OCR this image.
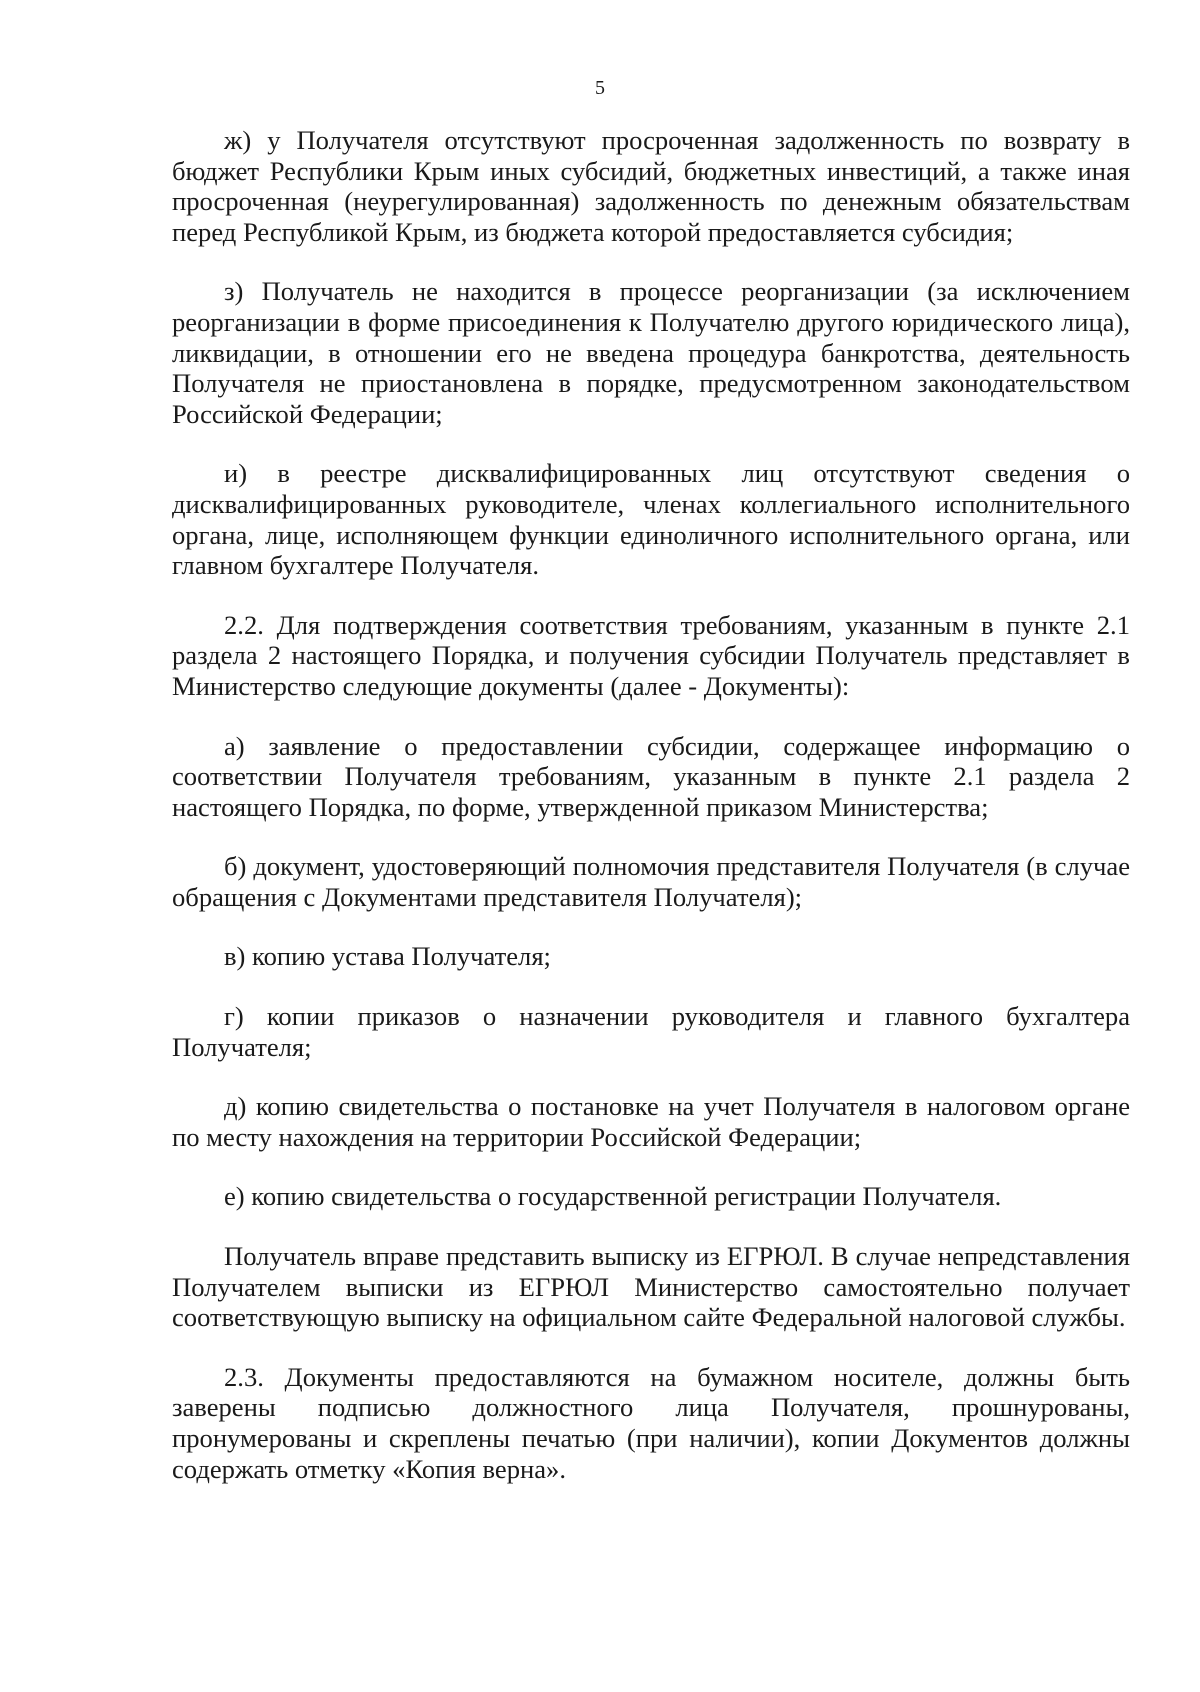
5

ж) у Получателя отсутствуют просроченная задолженность по возврату в бюджет Республики Крым иных субсидий, бюджетных инвестиций, а также иная просроченная (неурегулированная) задолженность по денежным обязательствам перед Республикой Крым, из бюджета которой предоставляется субсидия;

з) Получатель не находится в процессе реорганизации (за исключением реорганизации в форме присоединения к Получателю другого юридического лица), ликвидации, в отношении его не введена процедура банкротства, деятельность Получателя не приостановлена в порядке, предусмотренном законодательством Российской Федерации;

и) в реестре дисквалифицированных лиц отсутствуют сведения о дисквалифицированных руководителе, членах коллегиального исполнительного органа, лице, исполняющем функции единоличного исполнительного органа, или главном бухгалтере Получателя.

2.2. Для подтверждения соответствия требованиям, указанным в пункте 2.1 раздела 2 настоящего Порядка, и получения субсидии Получатель представляет в Министерство следующие документы (далее - Документы):

а) заявление о предоставлении субсидии, содержащее информацию о соответствии Получателя требованиям, указанным в пункте 2.1 раздела 2 настоящего Порядка, по форме, утвержденной приказом Министерства;

б) документ, удостоверяющий полномочия представителя Получателя (в случае обращения с Документами представителя Получателя);

в) копию устава Получателя;

г) копии приказов о назначении руководителя и главного бухгалтера Получателя;

д) копию свидетельства о постановке на учет Получателя в налоговом органе по месту нахождения на территории Российской Федерации;

е) копию свидетельства о государственной регистрации Получателя.

Получатель вправе представить выписку из ЕГРЮЛ. В случае непредставления Получателем выписки из ЕГРЮЛ Министерство самостоятельно получает соответствующую выписку на официальном сайте Федеральной налоговой службы.

2.3. Документы предоставляются на бумажном носителе, должны быть заверены подписью должностного лица Получателя, прошнурованы, пронумерованы и скреплены печатью (при наличии), копии Документов должны содержать отметку «Копия верна».
